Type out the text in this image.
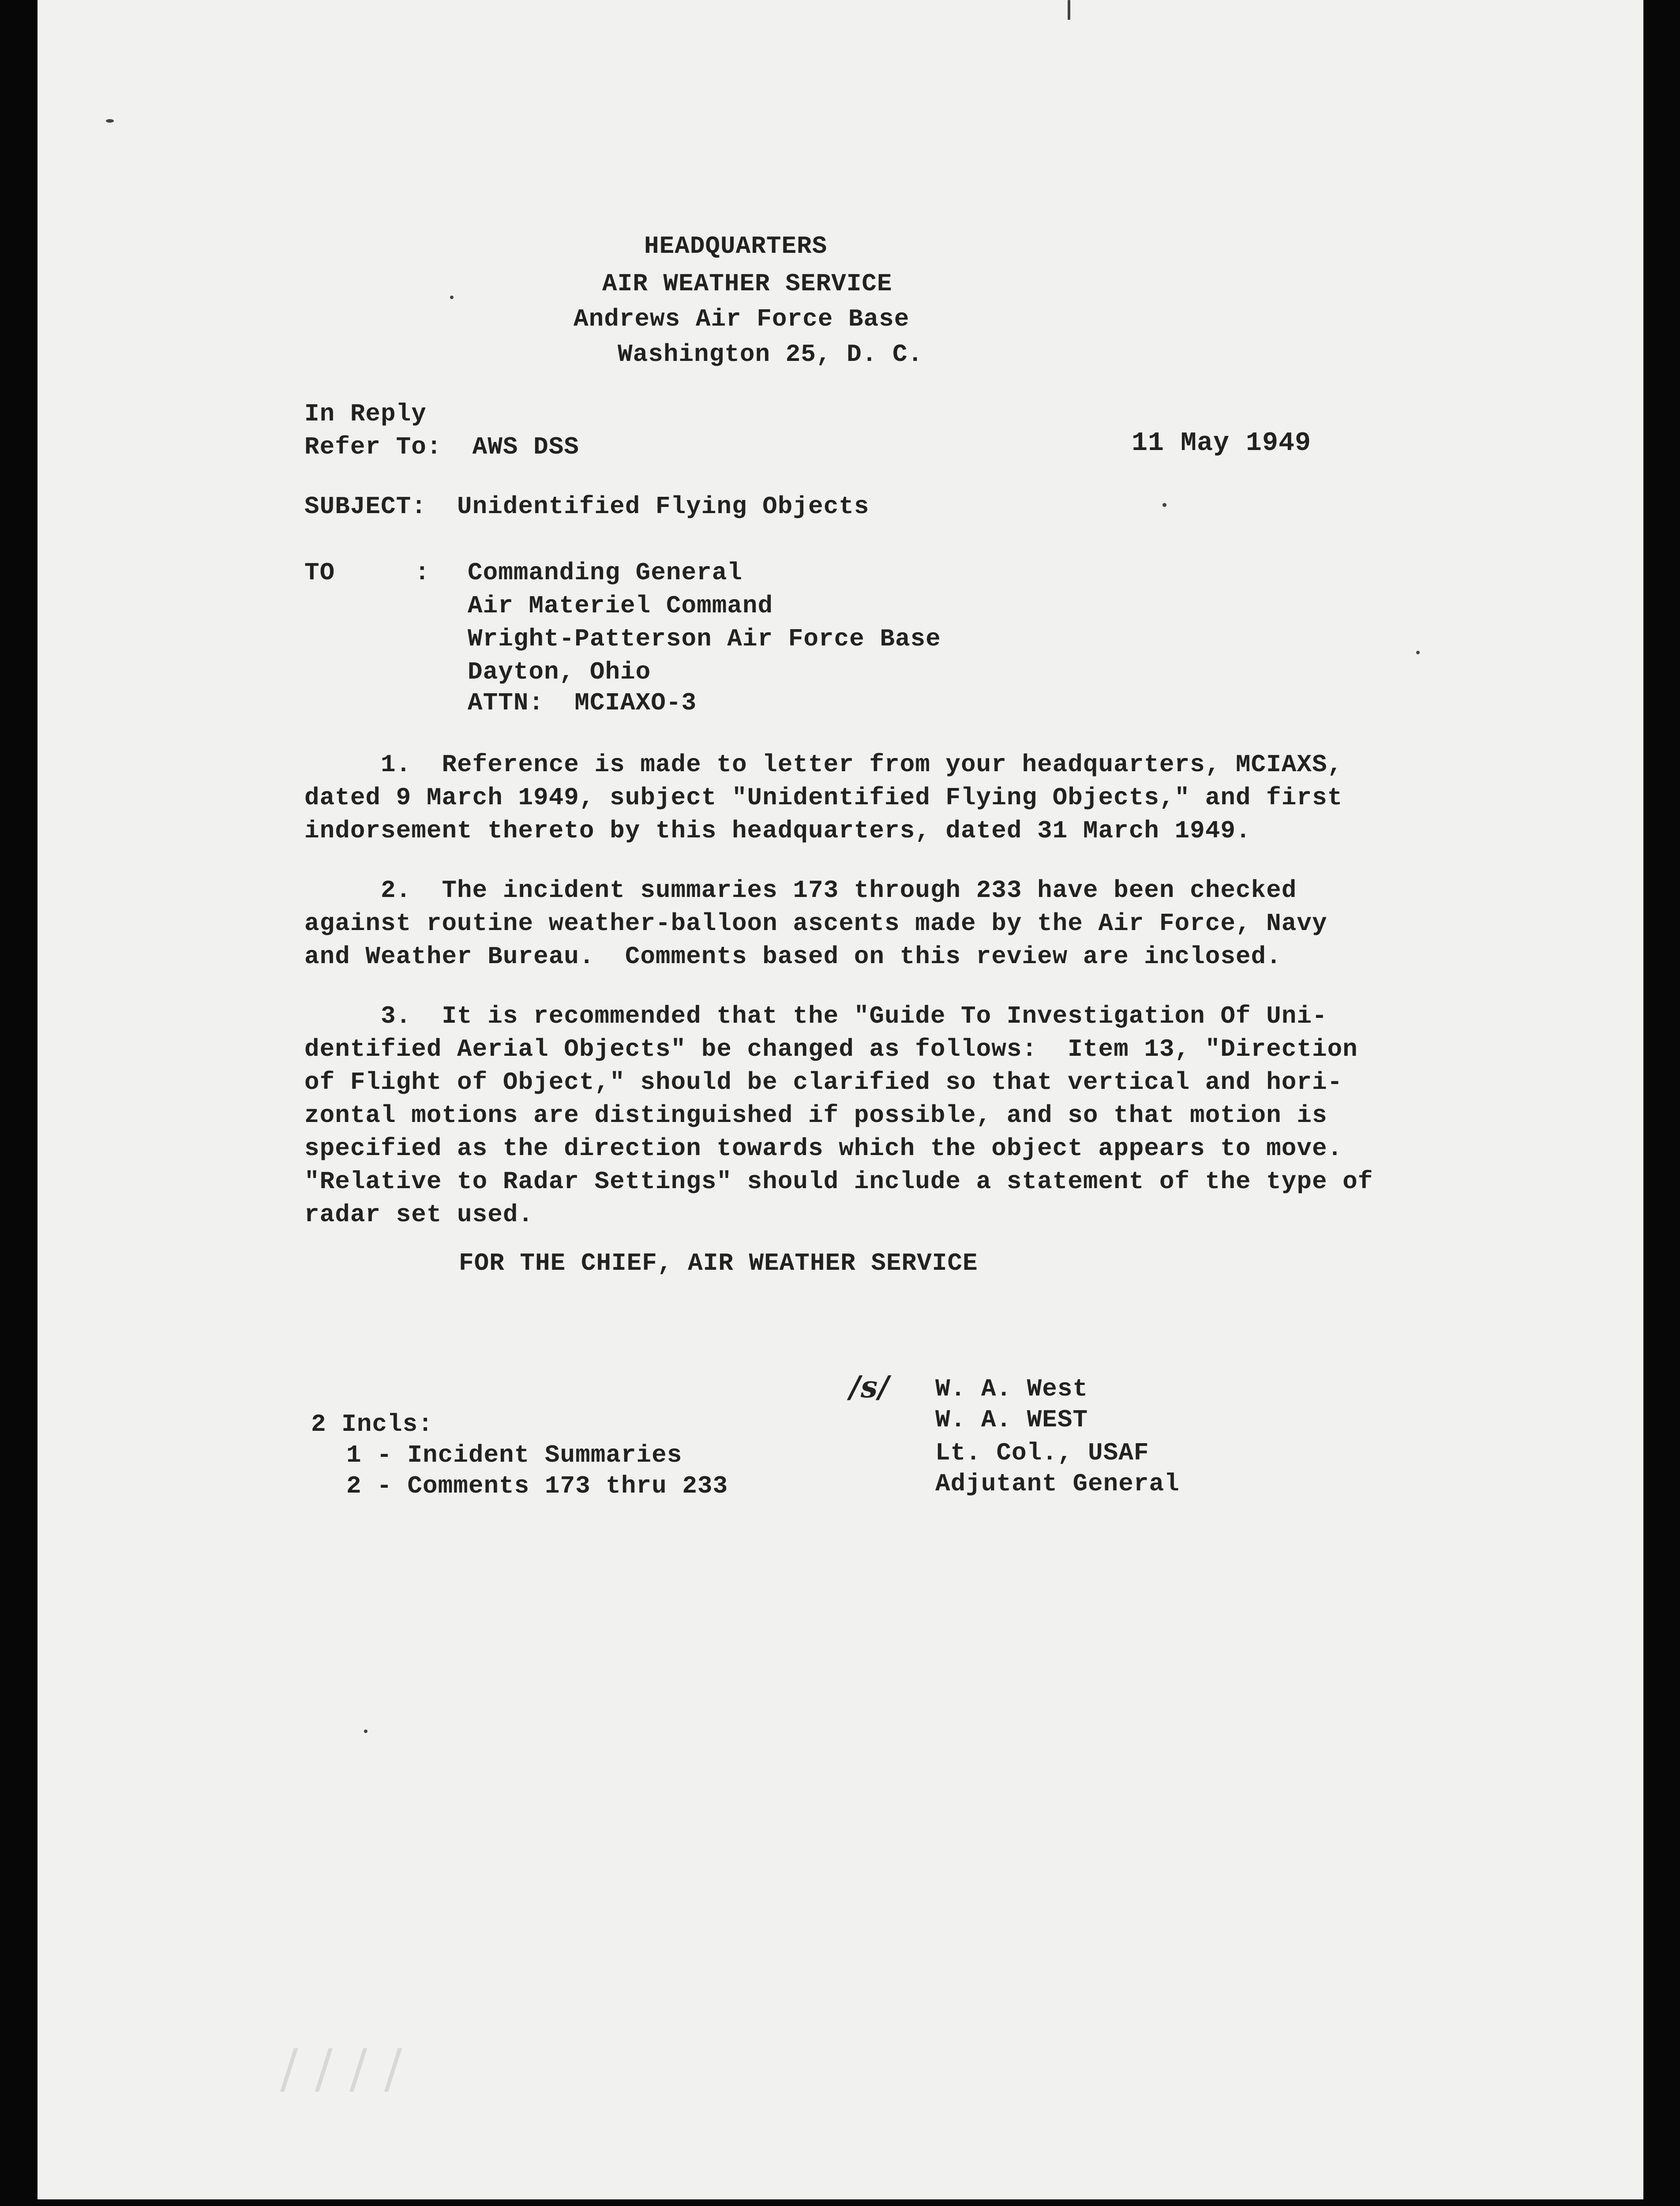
/ / / /
HEADQUARTERS
AIR WEATHER SERVICE
Andrews Air Force Base
Washington 25, D. C.
In Reply
Refer To:  AWS DSS	11 May 1949
SUBJECT:  Unidentified Flying Objects
TO	: Commanding General
Air Materiel Command
Wright-Patterson Air Force Base
Dayton, Ohio
ATTN:  MCIAXO-3
1.  Reference is made to letter from your headquarters, MCIAXS,
dated 9 March 1949, subject "Unidentified Flying Objects," and first
indorsement thereto by this headquarters, dated 31 March 1949.
2.  The incident summaries 173 through 233 have been checked
against routine weather-balloon ascents made by the Air Force, Navy
and Weather Bureau.  Comments based on this review are inclosed.
3.  It is recommended that the "Guide To Investigation Of Uni-
dentified Aerial Objects" be changed as follows:  Item 13, "Direction
of Flight of Object," should be clarified so that vertical and hori-
zontal motions are distinguished if possible, and so that motion is
specified as the direction towards which the object appears to move.
"Relative to Radar Settings" should include a statement of the type of
radar set used.
FOR THE CHIEF, AIR WEATHER SERVICE
/s/ W. A. West
W. A. WEST
Lt. Col., USAF
Adjutant General
2 Incls:
1 - Incident Summaries
2 - Comments 173 thru 233
